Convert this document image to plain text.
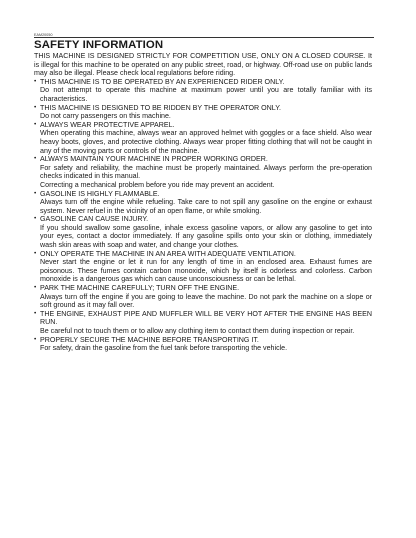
EAM20050
SAFETY INFORMATION

THIS MACHINE IS DESIGNED STRICTLY FOR COMPETITION USE, ONLY ON A CLOSED COURSE. It is illegal for this machine to be operated on any public street, road, or highway. Off-road use on public lands may also be illegal. Please check local regulations before riding.

• THIS MACHINE IS TO BE OPERATED BY AN EXPERIENCED RIDER ONLY.

Do not attempt to operate this machine at maximum power until you are totally familiar with its characteristics.

• THIS MACHINE IS DESIGNED TO BE RIDDEN BY THE OPERATOR ONLY.

Do not carry passengers on this machine.

• ALWAYS WEAR PROTECTIVE APPAREL.

When operating this machine, always wear an approved helmet with goggles or a face shield. Also wear heavy boots, gloves, and protective clothing. Always wear proper fitting clothing that will not be caught in any of the moving parts or controls of the machine.

• ALWAYS MAINTAIN YOUR MACHINE IN PROPER WORKING ORDER.

For safety and reliability, the machine must be properly maintained. Always perform the pre-operation checks indicated in this manual.

Correcting a mechanical problem before you ride may prevent an accident.

• GASOLINE IS HIGHLY FLAMMABLE.

Always turn off the engine while refueling. Take care to not spill any gasoline on the engine or exhaust system. Never refuel in the vicinity of an open flame, or while smoking.

• GASOLINE CAN CAUSE INJURY.

If you should swallow some gasoline, inhale excess gasoline vapors, or allow any gasoline to get into your eyes, contact a doctor immediately. If any gasoline spills onto your skin or clothing, immediately wash skin areas with soap and water, and change your clothes.

• ONLY OPERATE THE MACHINE IN AN AREA WITH ADEQUATE VENTILATION.

Never start the engine or let it run for any length of time in an enclosed area. Exhaust fumes are poisonous. These fumes contain carbon monoxide, which by itself is odorless and colorless. Carbon monoxide is a dangerous gas which can cause unconsciousness or can be lethal.

• PARK THE MACHINE CAREFULLY; TURN OFF THE ENGINE.

Always turn off the engine if you are going to leave the machine. Do not park the machine on a slope or soft ground as it may fall over.

• THE ENGINE, EXHAUST PIPE AND MUFFLER WILL BE VERY HOT AFTER THE ENGINE HAS BEEN RUN.

Be careful not to touch them or to allow any clothing item to contact them during inspection or repair.

• PROPERLY SECURE THE MACHINE BEFORE TRANSPORTING IT.

For safety, drain the gasoline from the fuel tank before transporting the vehicle.
